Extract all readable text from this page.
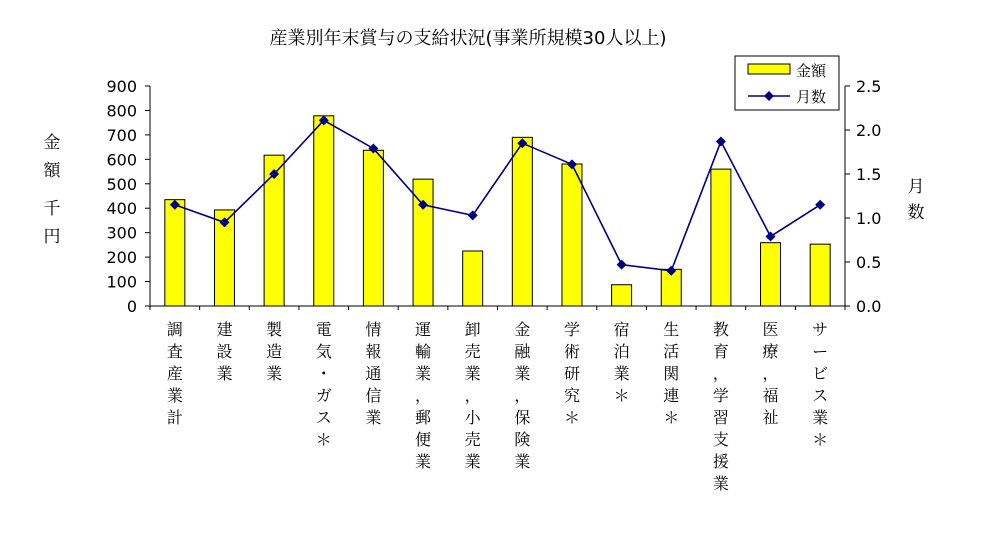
産業別年末賞与の支給状況(事業所規模30人以上)
0
100
200
300
400
500
600
700
800
900
0.0
0.5
1.0
1.5
2.0
2.5
調査産業計
建設業
製造業
電気・ガス＊
情報通信業
運輸業，郵便業
卸売業，小売業
金融業，保険業
学術研究＊
宿泊業＊
生活関連＊
教育，学習支援業
医療，福祉
サービス業＊
金額千円
月数
金額
月数
